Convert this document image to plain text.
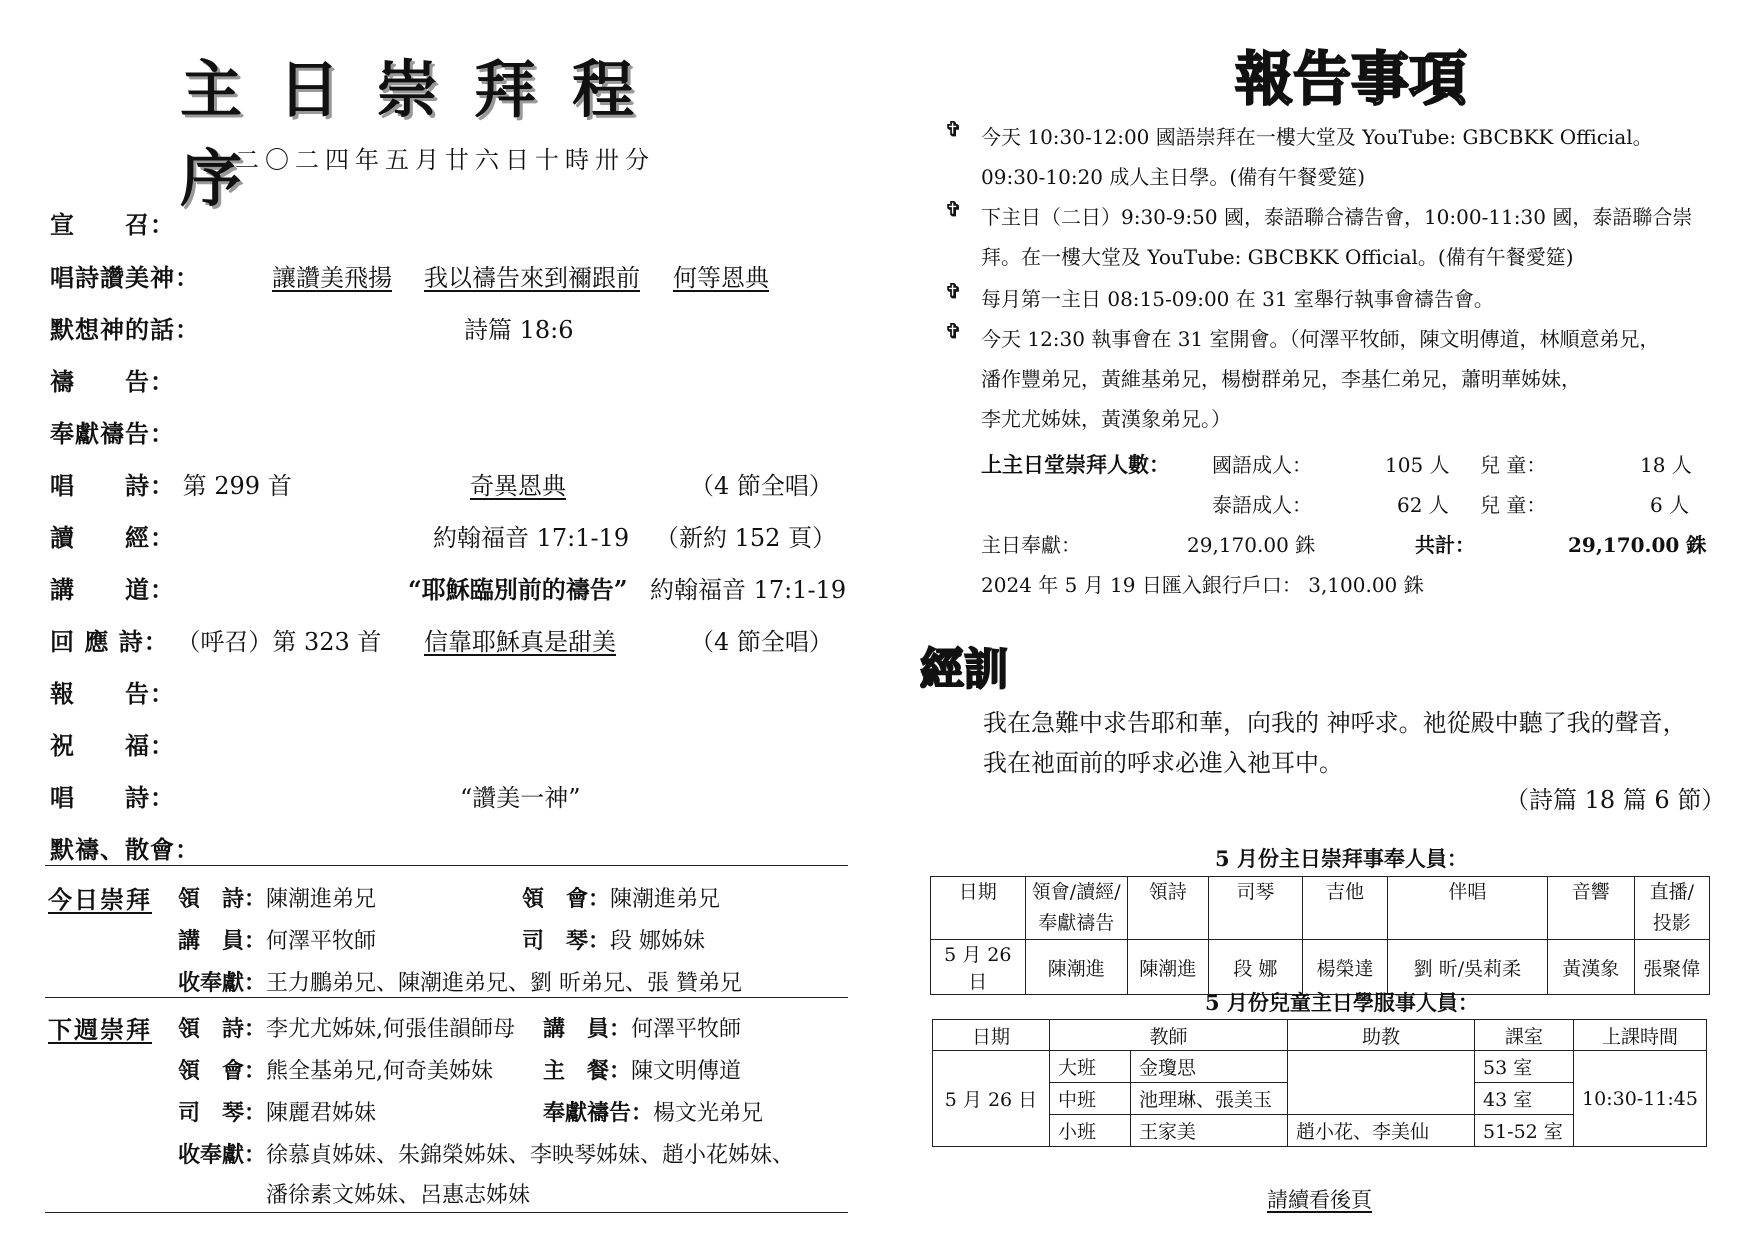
主日崇拜程序
二〇二四年五月廿六日十時卅分
宣　　召：
唱詩讚美神：	讓讚美飛揚 我以禱告來到禰跟前 何等恩典
默想神的話：	詩篇 18:6
禱　　告：
奉獻禱告：
唱　　詩： 第 299 首	奇異恩典	（4 節全唱）
讀　　經：	約翰福音 17:1-19 （新約 152 頁）
講　　道：	“耶穌臨別前的禱告” 約翰福音 17:1-19
回 應 詩： （呼召）第 323 首 信靠耶穌真是甜美	（4 節全唱）
報　　告：
祝　　福：
唱　　詩：	“讚美一神”
默禱、散會：
今日崇拜 領　詩：陳潮進弟兄	領　會：陳潮進弟兄
講　員：何澤平牧師	司　琴：段 娜姊妹
收奉獻：王力鵬弟兄、陳潮進弟兄、劉 昕弟兄、張 贊弟兄
下週崇拜 領　詩：李尤尤姊妹,何張佳韻師母 講　員：何澤平牧師
領　會：熊全基弟兄,何奇美姊妹 主　餐：陳文明傳道
司　琴：陳麗君姊妹	奉獻禱告：楊文光弟兄
收奉獻：徐慕貞姊妹、朱錦榮姊妹、李映琴姊妹、趙小花姊妹、
潘徐素文姊妹、呂惠志姊妹
報告事項
✞ 今天 10:30-12:00 國語崇拜在一樓大堂及 YouTube: GBCBKK Official。
09:30-10:20 成人主日學。(備有午餐愛筵)
✞ 下主日（二日）9:30-9:50 國，泰語聯合禱告會，10:00-11:30 國，泰語聯合崇
拜。在一樓大堂及 YouTube: GBCBKK Official。(備有午餐愛筵)
✞ 每月第一主日 08:15-09:00 在 31 室舉行執事會禱告會。
✞ 今天 12:30 執事會在 31 室開會。（何澤平牧師，陳文明傳道，林順意弟兄，
潘作豐弟兄，黃維基弟兄，楊樹群弟兄，李基仁弟兄，蕭明華姊妹，
李尤尤姊妹，黃漢象弟兄。）
上主日堂崇拜人數： 國語成人：	105 人 兒 童：	18 人
泰語成人：	62 人 兒 童：	6 人
主日奉獻：	29,170.00 銖	共計：	29,170.00 銖
2024 年 5 月 19 日匯入銀行戶口： 3,100.00 銖
經訓
我在急難中求告耶和華，向我的 神呼求。祂從殿中聽了我的聲音，
我在祂面前的呼求必進入祂耳中。
（詩篇 18 篇 6 節）
5 月份主日崇拜事奉人員：
日期	領會/讀經/
奉獻禱告	領詩	司琴	吉他	伴唱	音響	直播/
投影
5 月 26 日	陳潮進	陳潮進	段 娜	楊榮達	劉 昕/吳莉柔	黃漢象	張聚偉
5 月份兒童主日學服事人員：
日期	教師		助教	課室	上課時間
5 月 26 日	大班	金瓊思		53 室	10:30-11:45
	中班	池理琳、張美玉		43 室	
	小班	王家美	趙小花、李美仙	51-52 室	
請續看後頁
